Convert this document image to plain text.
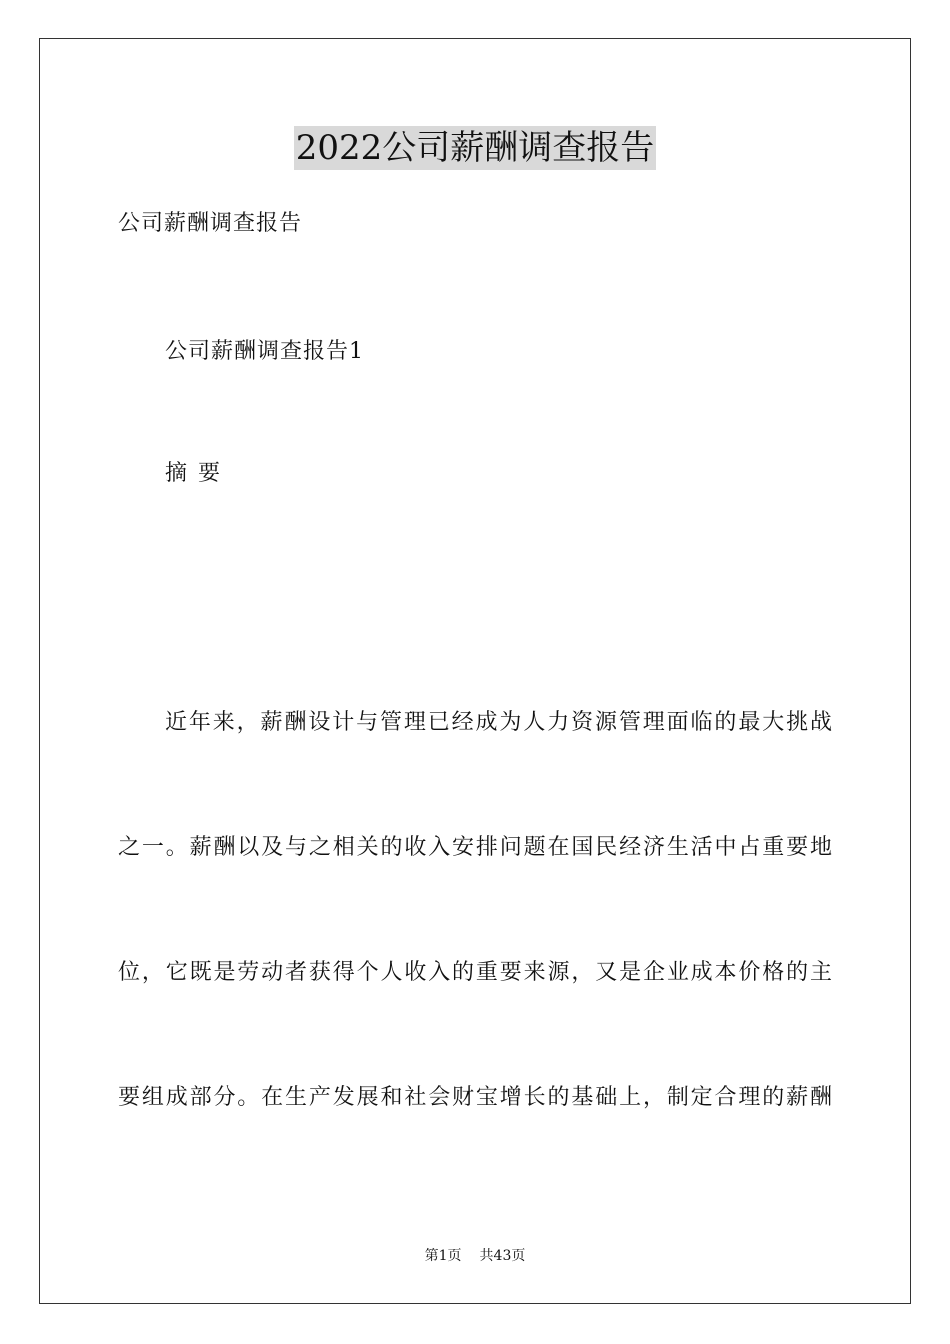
2022公司薪酬调查报告
公司薪酬调查报告
公司薪酬调查报告1
摘 要
近年来，薪酬设计与管理已经成为人力资源管理面临的最大挑战
之一。薪酬以及与之相关的收入安排问题在国民经济生活中占重要地
位，它既是劳动者获得个人收入的重要来源，又是企业成本价格的主
要组成部分。在生产发展和社会财宝增长的基础上，制定合理的薪酬
第1页 共43页
